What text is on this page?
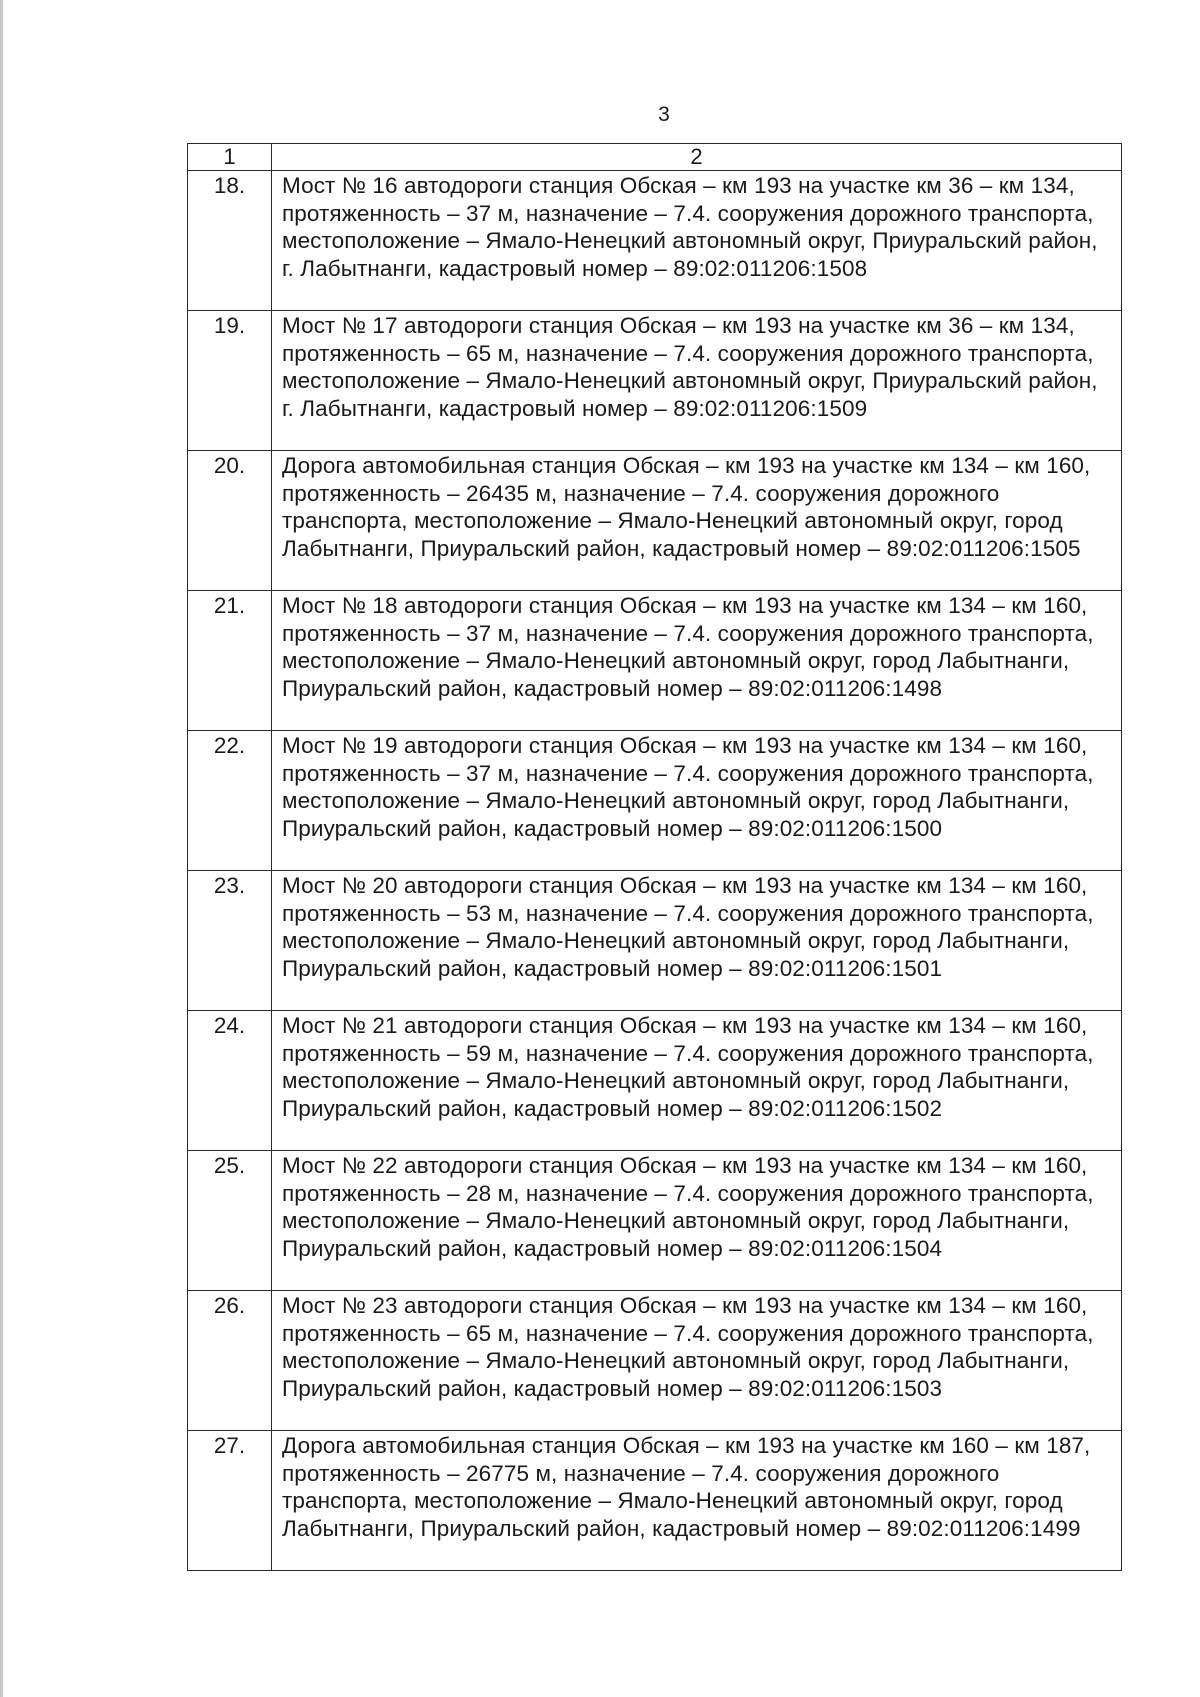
3
1	2
18.	Мост № 16 автодороги станция Обская – км 193 на участке км 36 – км 134, протяженность – 37 м, назначение – 7.4. сооружения дорожного транспорта, местоположение – Ямало-Ненецкий автономный округ, Приуральский район, г. Лабытнанги, кадастровый номер – 89:02:011206:1508
19.	Мост № 17 автодороги станция Обская – км 193 на участке км 36 – км 134, протяженность – 65 м, назначение – 7.4. сооружения дорожного транспорта, местоположение – Ямало-Ненецкий автономный округ, Приуральский район, г. Лабытнанги, кадастровый номер – 89:02:011206:1509
20.	Дорога автомобильная станция Обская – км 193 на участке км 134 – км 160, протяженность – 26435 м, назначение – 7.4. сооружения дорожного транспорта, местоположение – Ямало-Ненецкий автономный округ, город Лабытнанги, Приуральский район, кадастровый номер – 89:02:011206:1505
21.	Мост № 18 автодороги станция Обская – км 193 на участке км 134 – км 160, протяженность – 37 м, назначение – 7.4. сооружения дорожного транспорта, местоположение – Ямало-Ненецкий автономный округ, город Лабытнанги, Приуральский район, кадастровый номер – 89:02:011206:1498
22.	Мост № 19 автодороги станция Обская – км 193 на участке км 134 – км 160, протяженность – 37 м, назначение – 7.4. сооружения дорожного транспорта, местоположение – Ямало-Ненецкий автономный округ, город Лабытнанги, Приуральский район, кадастровый номер – 89:02:011206:1500
23.	Мост № 20 автодороги станция Обская – км 193 на участке км 134 – км 160, протяженность – 53 м, назначение – 7.4. сооружения дорожного транспорта, местоположение – Ямало-Ненецкий автономный округ, город Лабытнанги, Приуральский район, кадастровый номер – 89:02:011206:1501
24.	Мост № 21 автодороги станция Обская – км 193 на участке км 134 – км 160, протяженность – 59 м, назначение – 7.4. сооружения дорожного транспорта, местоположение – Ямало-Ненецкий автономный округ, город Лабытнанги, Приуральский район, кадастровый номер – 89:02:011206:1502
25.	Мост № 22 автодороги станция Обская – км 193 на участке км 134 – км 160, протяженность – 28 м, назначение – 7.4. сооружения дорожного транспорта, местоположение – Ямало-Ненецкий автономный округ, город Лабытнанги, Приуральский район, кадастровый номер – 89:02:011206:1504
26.	Мост № 23 автодороги станция Обская – км 193 на участке км 134 – км 160, протяженность – 65 м, назначение – 7.4. сооружения дорожного транспорта, местоположение – Ямало-Ненецкий автономный округ, город Лабытнанги, Приуральский район, кадастровый номер – 89:02:011206:1503
27.	Дорога автомобильная станция Обская – км 193 на участке км 160 – км 187, протяженность – 26775 м, назначение – 7.4. сооружения дорожного транспорта, местоположение – Ямало-Ненецкий автономный округ, город Лабытнанги, Приуральский район, кадастровый номер – 89:02:011206:1499
